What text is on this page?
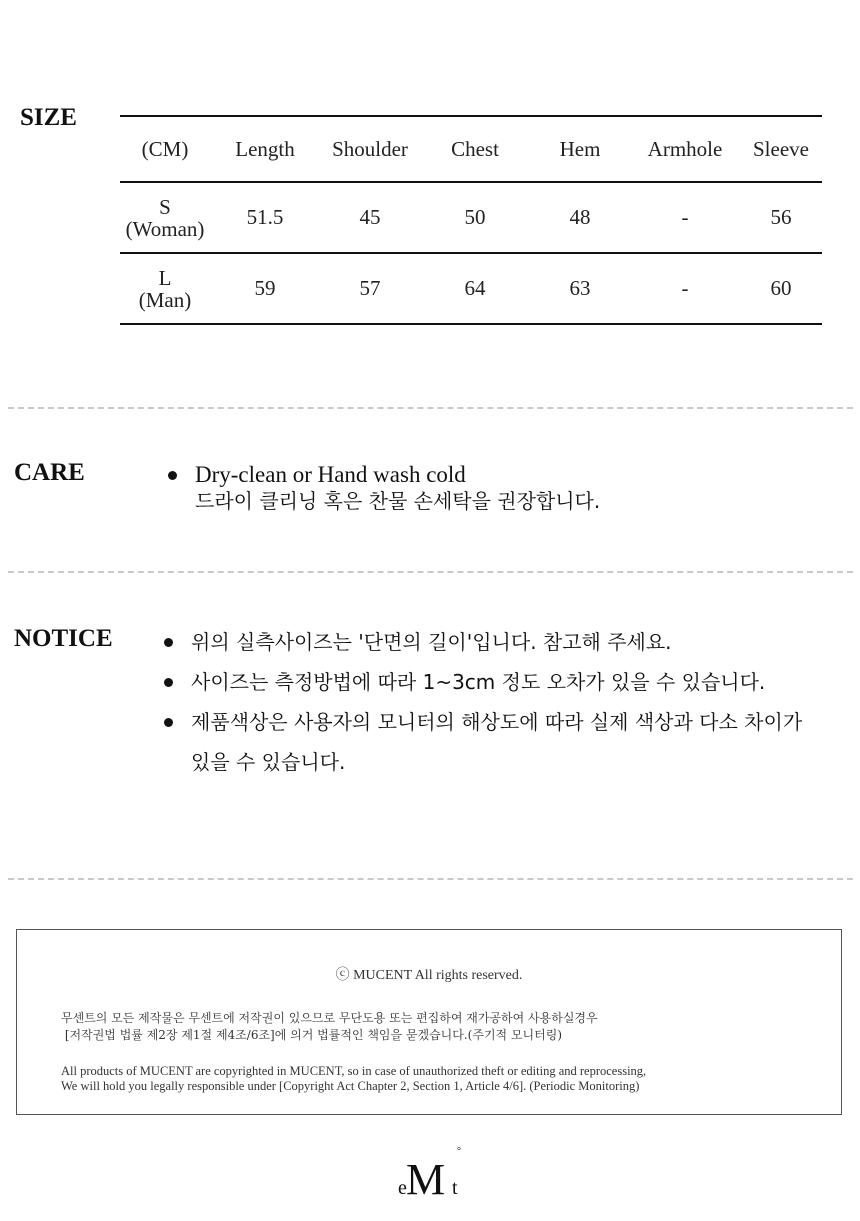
SIZE
(CM)	Length	Shoulder	Chest	Hem	Armhole	Sleeve
S
(Woman)	51.5	45	50	48	-	56
L
(Man)	59	57	64	63	-	60
CARE	Dry-clean or Hand wash cold
드라이 클리닝 혹은 찬물 손세탁을 권장합니다.
NOTICE	위의 실측사이즈는 '단면의 길이'입니다. 참고해 주세요.
사이즈는 측정방법에 따라 1~3cm 정도 오차가 있을 수 있습니다.
제품색상은 사용자의 모니터의 해상도에 따라 실제 색상과 다소 차이가 있을 수 있습니다.
ⓒ MUCENT All rights reserved.
무센트의 모든 제작물은 무센트에 저작권이 있으므로 무단도용 또는 편집하여 재가공하여 사용하실경우
[저작권법 법률 제2장 제1절 제4조/6조]에 의거 법률적인 책임을 묻겠습니다.(주기적 모니터링)
All products of MUCENT are copyrighted in MUCENT, so in case of unauthorized theft or editing and reprocessing,
We will hold you legally responsible under [Copyright Act Chapter 2, Section 1, Article 4/6]. (Periodic Monitoring)
e M t
°
